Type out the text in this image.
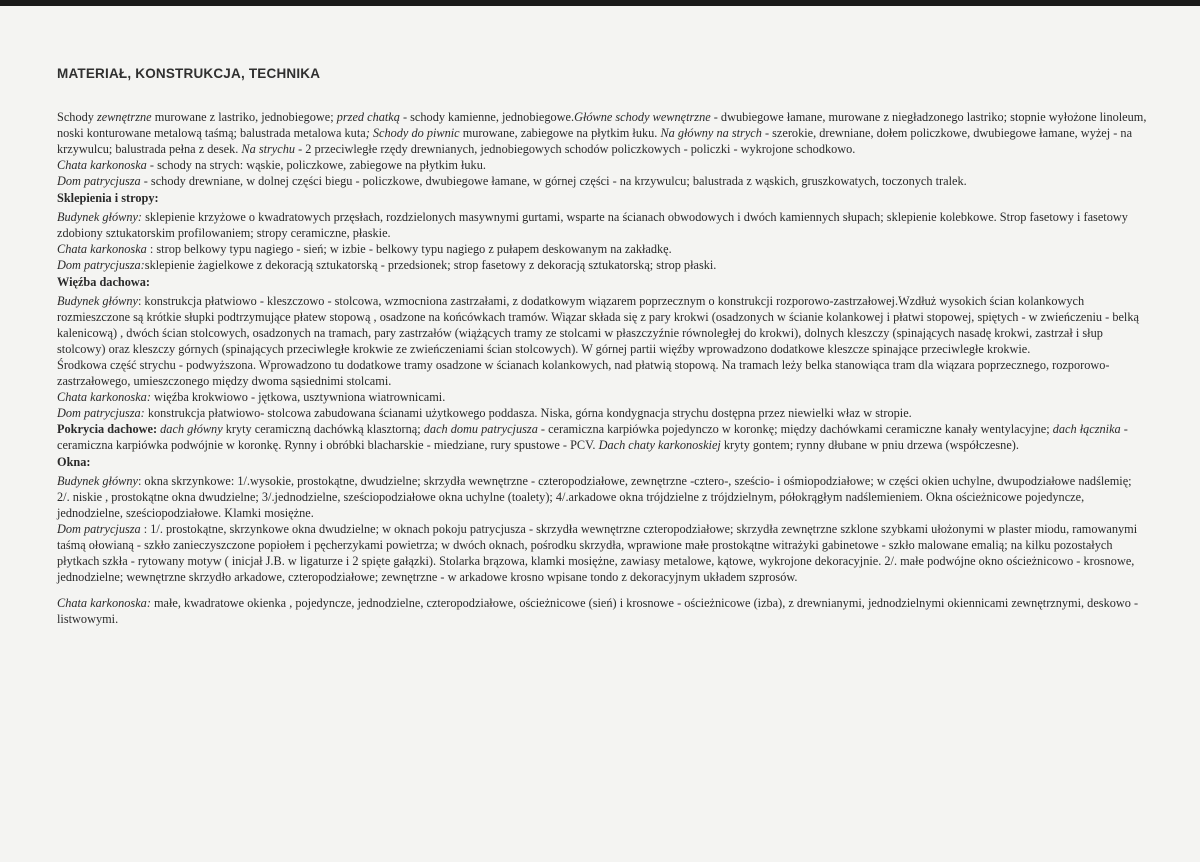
MATERIAŁ, KONSTRUKCJA, TECHNIKA

Schody zewnętrzne murowane z lastriko, jednobiegowe; przed chatką - schody kamienne, jednobiegowe.Główne schody wewnętrzne - dwubiegowe łamane, murowane z niegładzonego lastriko; stopnie wyłożone linoleum, noski konturowane metalową taśmą; balustrada metalowa kuta; Schody do piwnic murowane, zabiegowe na płytkim łuku. Na główny na strych - szerokie, drewniane, dołem policzkowe, dwubiegowe łamane, wyżej - na krzywulcu; balustrada pełna z desek. Na strychu - 2 przeciwległe rzędy drewnianych, jednobiegowych schodów policzkowych - policzki - wykrojone schodkowo.

Chata karkonoska - schody na strych: wąskie, policzkowe, zabiegowe na płytkim łuku.

Dom patrycjusza - schody drewniane, w dolnej części biegu - policzkowe, dwubiegowe łamane, w górnej części - na krzywulcu; balustrada z wąskich, gruszkowatych, toczonych tralek.

Sklepienia i stropy:

Budynek główny: sklepienie krzyżowe o kwadratowych przęsłach, rozdzielonych masywnymi gurtami, wsparte na ścianach obwodowych i dwóch kamiennych słupach; sklepienie kolebkowe. Strop fasetowy i fasetowy zdobiony sztukatorskim profilowaniem; stropy ceramiczne, płaskie.

Chata karkonoska : strop belkowy typu nagiego - sień; w izbie - belkowy typu nagiego z pułapem deskowanym na zakładkę.

Dom patrycjusza:sklepienie żagielkowe z dekoracją sztukatorską - przedsionek; strop fasetowy z dekoracją sztukatorską; strop płaski.

Więźba dachowa:

Budynek główny: konstrukcja płatwiowo - kleszczowo - stolcowa, wzmocniona zastrzałami, z dodatkowym wiązarem poprzecznym o konstrukcji rozporowo-zastrzałowej.Wzdłuż wysokich ścian kolankowych rozmieszczone są krótkie słupki podtrzymujące płatew stopową , osadzone na końcówkach tramów. Wiązar składa się z pary krokwi (osadzonych w ścianie kolankowej i płatwi stopowej, spiętych - w zwieńczeniu - belką kalenicową) , dwóch ścian stolcowych, osadzonych na tramach, pary zastrzałów (wiążących tramy ze stolcami w płaszczyźnie równoległej do krokwi), dolnych kleszczy (spinających nasadę krokwi, zastrzał i słup stolcowy) oraz kleszczy górnych (spinających przeciwległe krokwie ze zwieńczeniami ścian stolcowych). W górnej partii więźby wprowadzono dodatkowe kleszcze spinające przeciwległe krokwie.

Środkowa część strychu - podwyższona. Wprowadzono tu dodatkowe tramy osadzone w ścianach kolankowych, nad płatwią stopową. Na tramach leży belka stanowiąca tram dla wiązara poprzecznego, rozporowo-zastrzałowego, umieszczonego między dwoma sąsiednimi stolcami.

Chata karkonoska: więźba krokwiowo - jętkowa, usztywniona wiatrownicami.

Dom patrycjusza: konstrukcja płatwiowo- stolcowa zabudowana ścianami użytkowego poddasza. Niska, górna kondygnacja strychu dostępna przez niewielki właz w stropie.

Pokrycia dachowe: dach główny kryty ceramiczną dachówką klasztorną; dach domu patrycjusza - ceramiczna karpiówka pojedynczo w koronkę; między dachówkami ceramiczne kanały wentylacyjne; dach łącznika - ceramiczna karpiówka podwójnie w koronkę. Rynny i obróbki blacharskie - miedziane, rury spustowe - PCV. Dach chaty karkonoskiej kryty gontem; rynny dłubane w pniu drzewa (współczesne).

Okna:

Budynek główny: okna skrzynkowe: 1/.wysokie, prostokątne, dwudzielne; skrzydła wewnętrzne - czteropodziałowe, zewnętrzne -cztero-, sześcio- i ośmiopodziałowe; w części okien uchylne, dwupodziałowe nadślemię; 2/. niskie , prostokątne okna dwudzielne; 3/.jednodzielne, sześciopodziałowe okna uchylne (toalety); 4/.arkadowe okna trójdzielne z trójdzielnym, półokrągłym nadślemieniem. Okna ościeżnicowe pojedyncze, jednodzielne, sześciopodziałowe. Klamki mosiężne.

Dom patrycjusza : 1/. prostokątne, skrzynkowe okna dwudzielne; w oknach pokoju patrycjusza - skrzydła wewnętrzne czteropodziałowe; skrzydła zewnętrzne szklone szybkami ułożonymi w plaster miodu, ramowanymi taśmą ołowianą - szkło zanieczyszczone popiołem i pęcherzykami powietrza; w dwóch oknach, pośrodku skrzydła, wprawione małe prostokątne witrażyki gabinetowe - szkło malowane emalią; na kilku pozostałych płytkach szkła - rytowany motyw ( inicjał J.B. w ligaturze i 2 spięte gałązki). Stolarka brązowa, klamki mosiężne, zawiasy metalowe, kątowe, wykrojone dekoracyjnie. 2/. małe podwójne okno ościeżnicowo - krosnowe, jednodzielne; wewnętrzne skrzydło arkadowe, czteropodziałowe; zewnętrzne - w arkadowe krosno wpisane tondo z dekoracyjnym układem szprosów.

Chata karkonoska: małe, kwadratowe okienka , pojedyncze, jednodzielne, czteropodziałowe, ościeżnicowe (sień) i krosnowe - ościeżnicowe (izba), z drewnianymi, jednodzielnymi okiennicami zewnętrznymi, deskowo - listwowymi.
